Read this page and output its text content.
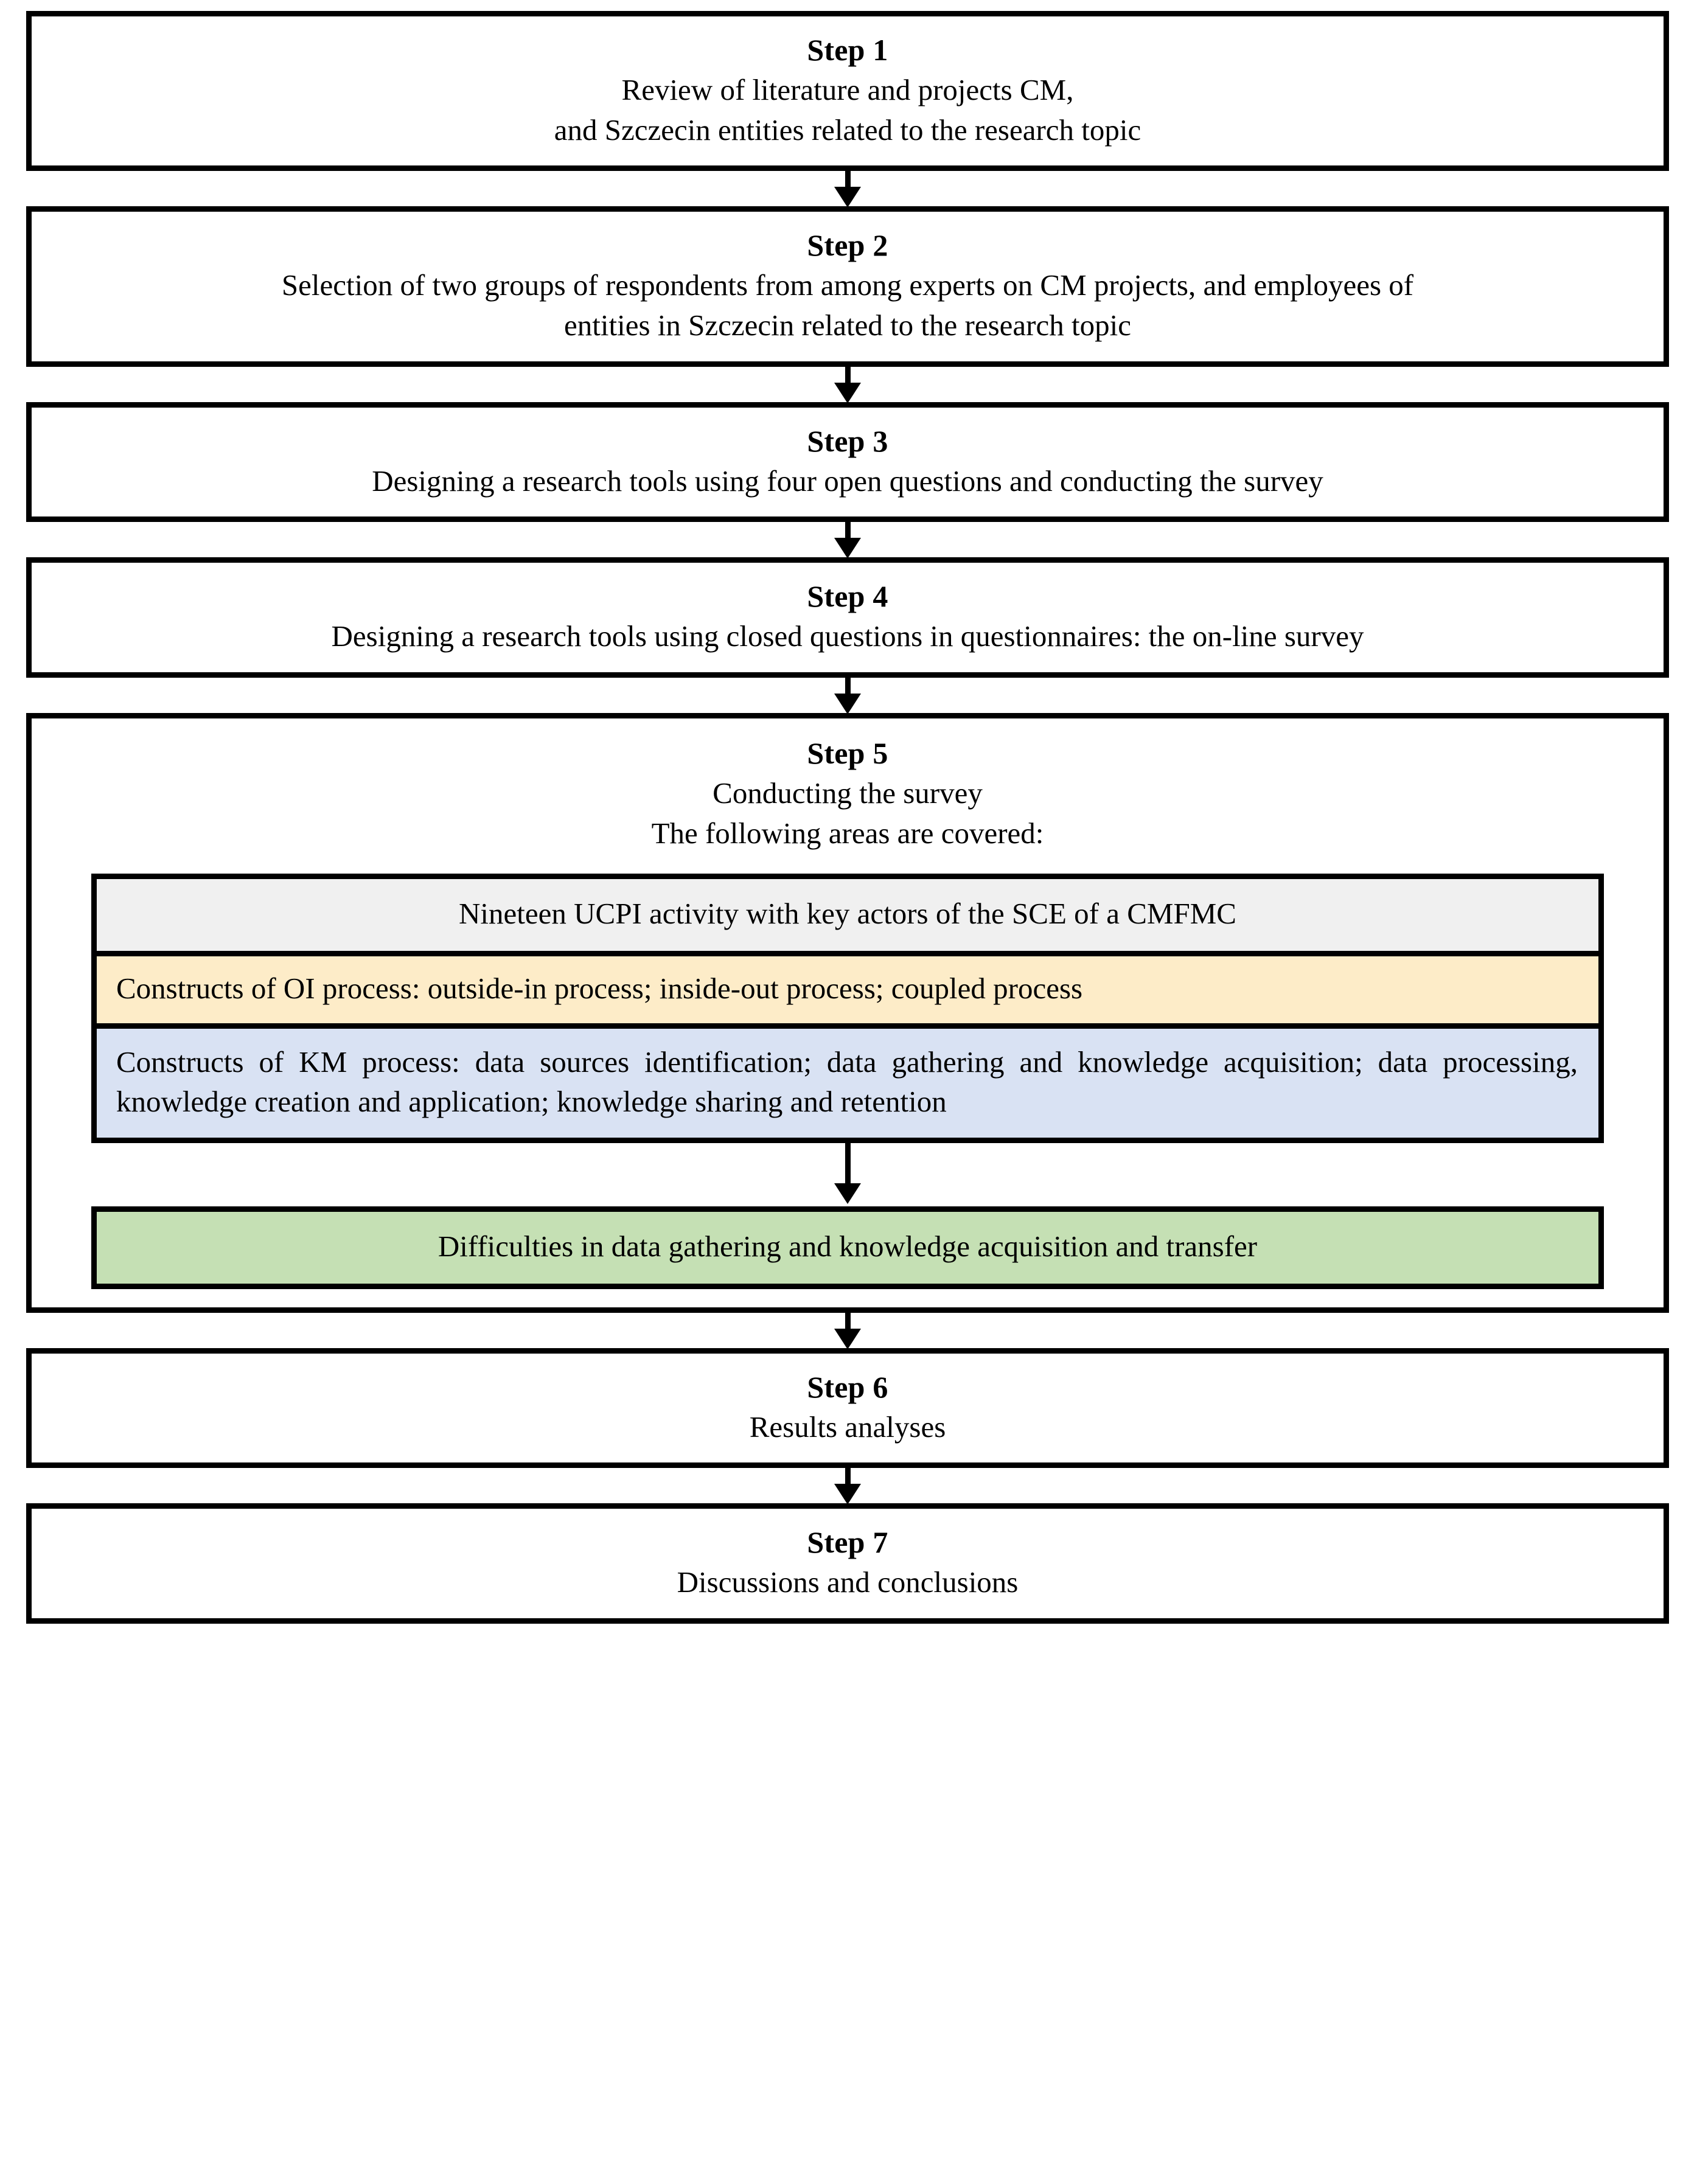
Step 1
Review of literature and projects CM,
and Szczecin entities related to the research topic
Step 2
Selection of two groups of respondents from among experts on CM projects, and employees of
entities in Szczecin related to the research topic
Step 3
Designing a research tools using four open questions and conducting the survey
Step 4
Designing a research tools using closed questions in questionnaires: the on-line survey
Step 5
Conducting the survey
The following areas are covered:
Nineteen UCPI activity with key actors of the SCE of a CMFMC
Constructs of OI process: outside-in process; inside-out process; coupled process
Constructs of KM process: data sources identification; data gathering and knowledge acquisition; data processing, knowledge creation and application; knowledge sharing and retention
Difficulties in data gathering and knowledge acquisition and transfer
Step 6
Results analyses
Step 7
Discussions and conclusions
